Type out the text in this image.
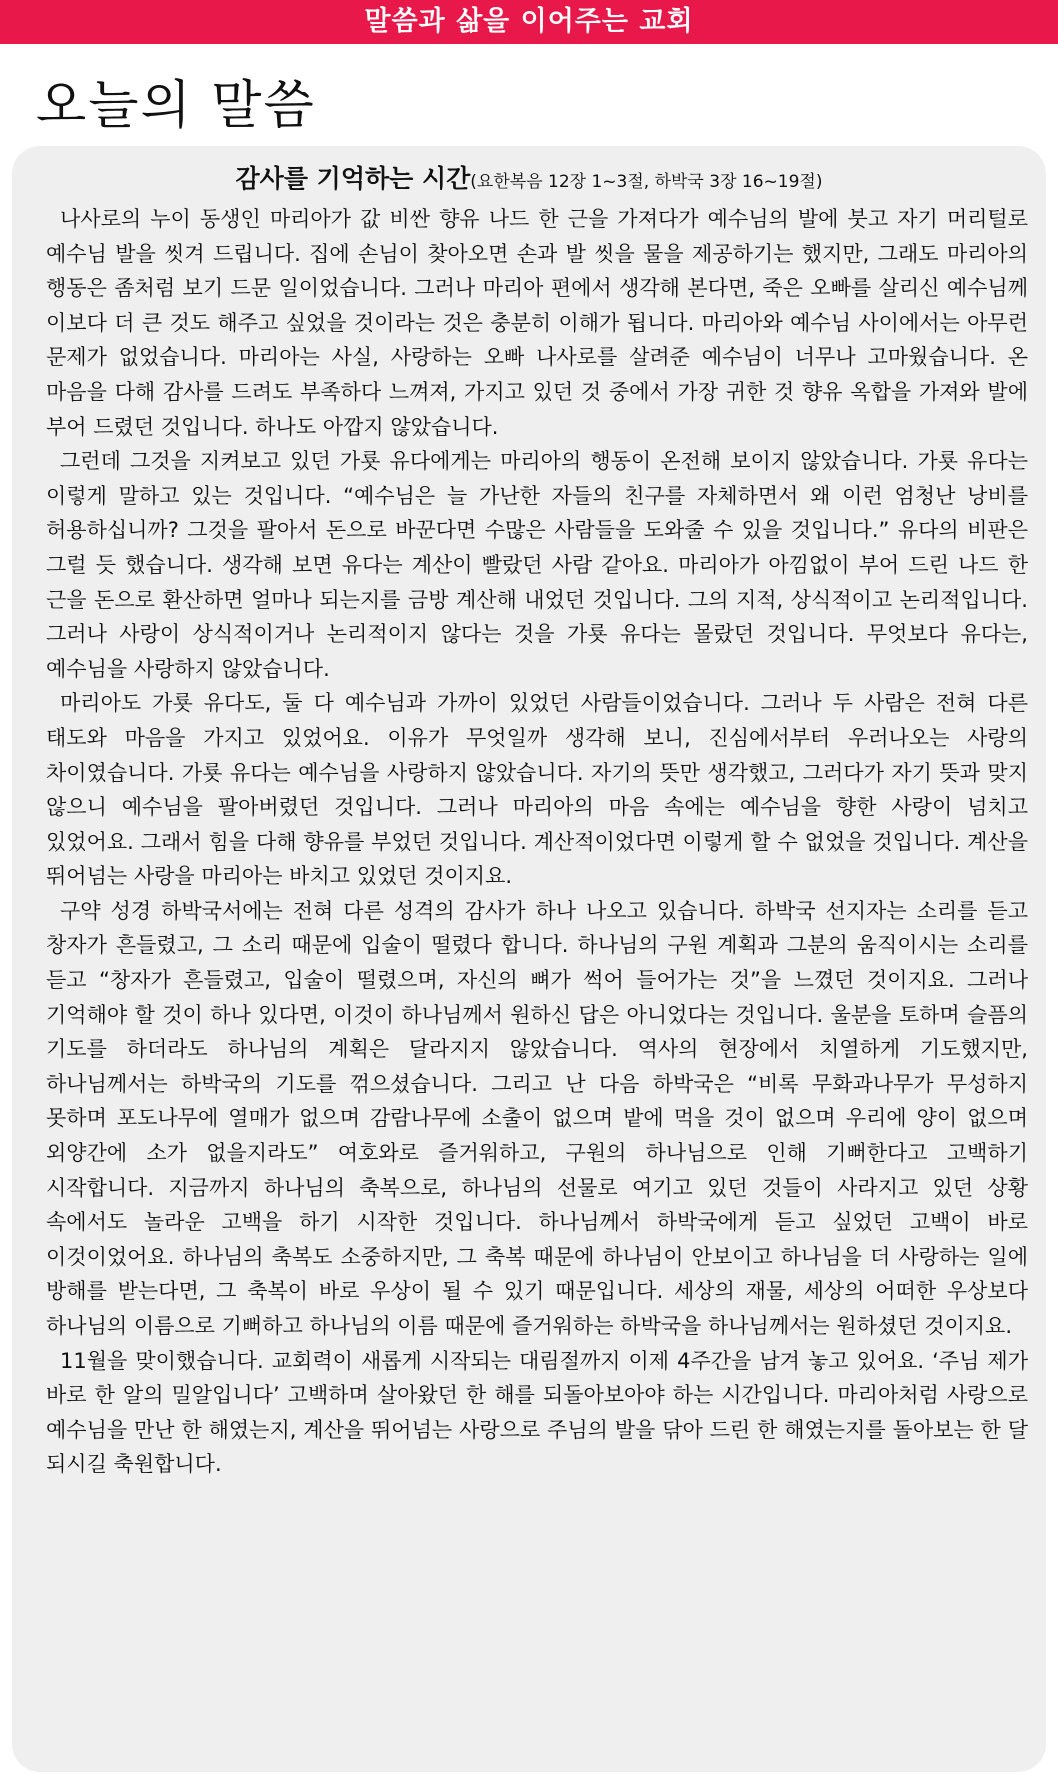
말씀과 삶을 이어주는 교회
오늘의 말씀
감사를 기억하는 시간(요한복음 12장 1~3절, 하박국 3장 16~19절)

나사로의 누이 동생인 마리아가 값 비싼 향유 나드 한 근을 가져다가 예수님의 발에 붓고 자기 머리털로 예수님 발을 씻겨 드립니다. 집에 손님이 찾아오면 손과 발 씻을 물을 제공하기는 했지만, 그래도 마리아의 행동은 좀처럼 보기 드문 일이었습니다. 그러나 마리아 편에서 생각해 본다면, 죽은 오빠를 살리신 예수님께 이보다 더 큰 것도 해주고 싶었을 것이라는 것은 충분히 이해가 됩니다. 마리아와 예수님 사이에서는 아무런 문제가 없었습니다. 마리아는 사실, 사랑하는 오빠 나사로를 살려준 예수님이 너무나 고마웠습니다. 온 마음을 다해 감사를 드려도 부족하다 느껴져, 가지고 있던 것 중에서 가장 귀한 것 향유 옥합을 가져와 발에 부어 드렸던 것입니다. 하나도 아깝지 않았습니다.

그런데 그것을 지켜보고 있던 가룟 유다에게는 마리아의 행동이 온전해 보이지 않았습니다. 가룟 유다는 이렇게 말하고 있는 것입니다. “예수님은 늘 가난한 자들의 친구를 자체하면서 왜 이런 엄청난 낭비를 허용하십니까? 그것을 팔아서 돈으로 바꾼다면 수많은 사람들을 도와줄 수 있을 것입니다.” 유다의 비판은 그럴 듯 했습니다. 생각해 보면 유다는 계산이 빨랐던 사람 같아요. 마리아가 아낌없이 부어 드린 나드 한 근을 돈으로 환산하면 얼마나 되는지를 금방 계산해 내었던 것입니다. 그의 지적, 상식적이고 논리적입니다. 그러나 사랑이 상식적이거나 논리적이지 않다는 것을 가룟 유다는 몰랐던 것입니다. 무엇보다 유다는, 예수님을 사랑하지 않았습니다.

마리아도 가룟 유다도, 둘 다 예수님과 가까이 있었던 사람들이었습니다. 그러나 두 사람은 전혀 다른 태도와 마음을 가지고 있었어요. 이유가 무엇일까 생각해 보니, 진심에서부터 우러나오는 사랑의 차이였습니다. 가룟 유다는 예수님을 사랑하지 않았습니다. 자기의 뜻만 생각했고, 그러다가 자기 뜻과 맞지 않으니 예수님을 팔아버렸던 것입니다. 그러나 마리아의 마음 속에는 예수님을 향한 사랑이 넘치고 있었어요. 그래서 힘을 다해 향유를 부었던 것입니다. 계산적이었다면 이렇게 할 수 없었을 것입니다. 계산을 뛰어넘는 사랑을 마리아는 바치고 있었던 것이지요.

구약 성경 하박국서에는 전혀 다른 성격의 감사가 하나 나오고 있습니다. 하박국 선지자는 소리를 듣고 창자가 흔들렸고, 그 소리 때문에 입술이 떨렸다 합니다. 하나님의 구원 계획과 그분의 움직이시는 소리를 듣고 “창자가 흔들렸고, 입술이 떨렸으며, 자신의 뼈가 썩어 들어가는 것”을 느꼈던 것이지요. 그러나 기억해야 할 것이 하나 있다면, 이것이 하나님께서 원하신 답은 아니었다는 것입니다. 울분을 토하며 슬픔의 기도를 하더라도 하나님의 계획은 달라지지 않았습니다. 역사의 현장에서 치열하게 기도했지만, 하나님께서는 하박국의 기도를 꺾으셨습니다. 그리고 난 다음 하박국은 “비록 무화과나무가 무성하지 못하며 포도나무에 열매가 없으며 감람나무에 소출이 없으며 밭에 먹을 것이 없으며 우리에 양이 없으며 외양간에 소가 없을지라도” 여호와로 즐거워하고, 구원의 하나님으로 인해 기뻐한다고 고백하기 시작합니다. 지금까지 하나님의 축복으로, 하나님의 선물로 여기고 있던 것들이 사라지고 있던 상황 속에서도 놀라운 고백을 하기 시작한 것입니다. 하나님께서 하박국에게 듣고 싶었던 고백이 바로 이것이었어요. 하나님의 축복도 소중하지만, 그 축복 때문에 하나님이 안보이고 하나님을 더 사랑하는 일에 방해를 받는다면, 그 축복이 바로 우상이 될 수 있기 때문입니다. 세상의 재물, 세상의 어떠한 우상보다 하나님의 이름으로 기뻐하고 하나님의 이름 때문에 즐거워하는 하박국을 하나님께서는 원하셨던 것이지요.

11월을 맞이했습니다. 교회력이 새롭게 시작되는 대림절까지 이제 4주간을 남겨 놓고 있어요. ‘주님 제가 바로 한 알의 밀알입니다’ 고백하며 살아왔던 한 해를 되돌아보아야 하는 시간입니다. 마리아처럼 사랑으로 예수님을 만난 한 해였는지, 계산을 뛰어넘는 사랑으로 주님의 발을 닦아 드린 한 해였는지를 돌아보는 한 달 되시길 축원합니다.
